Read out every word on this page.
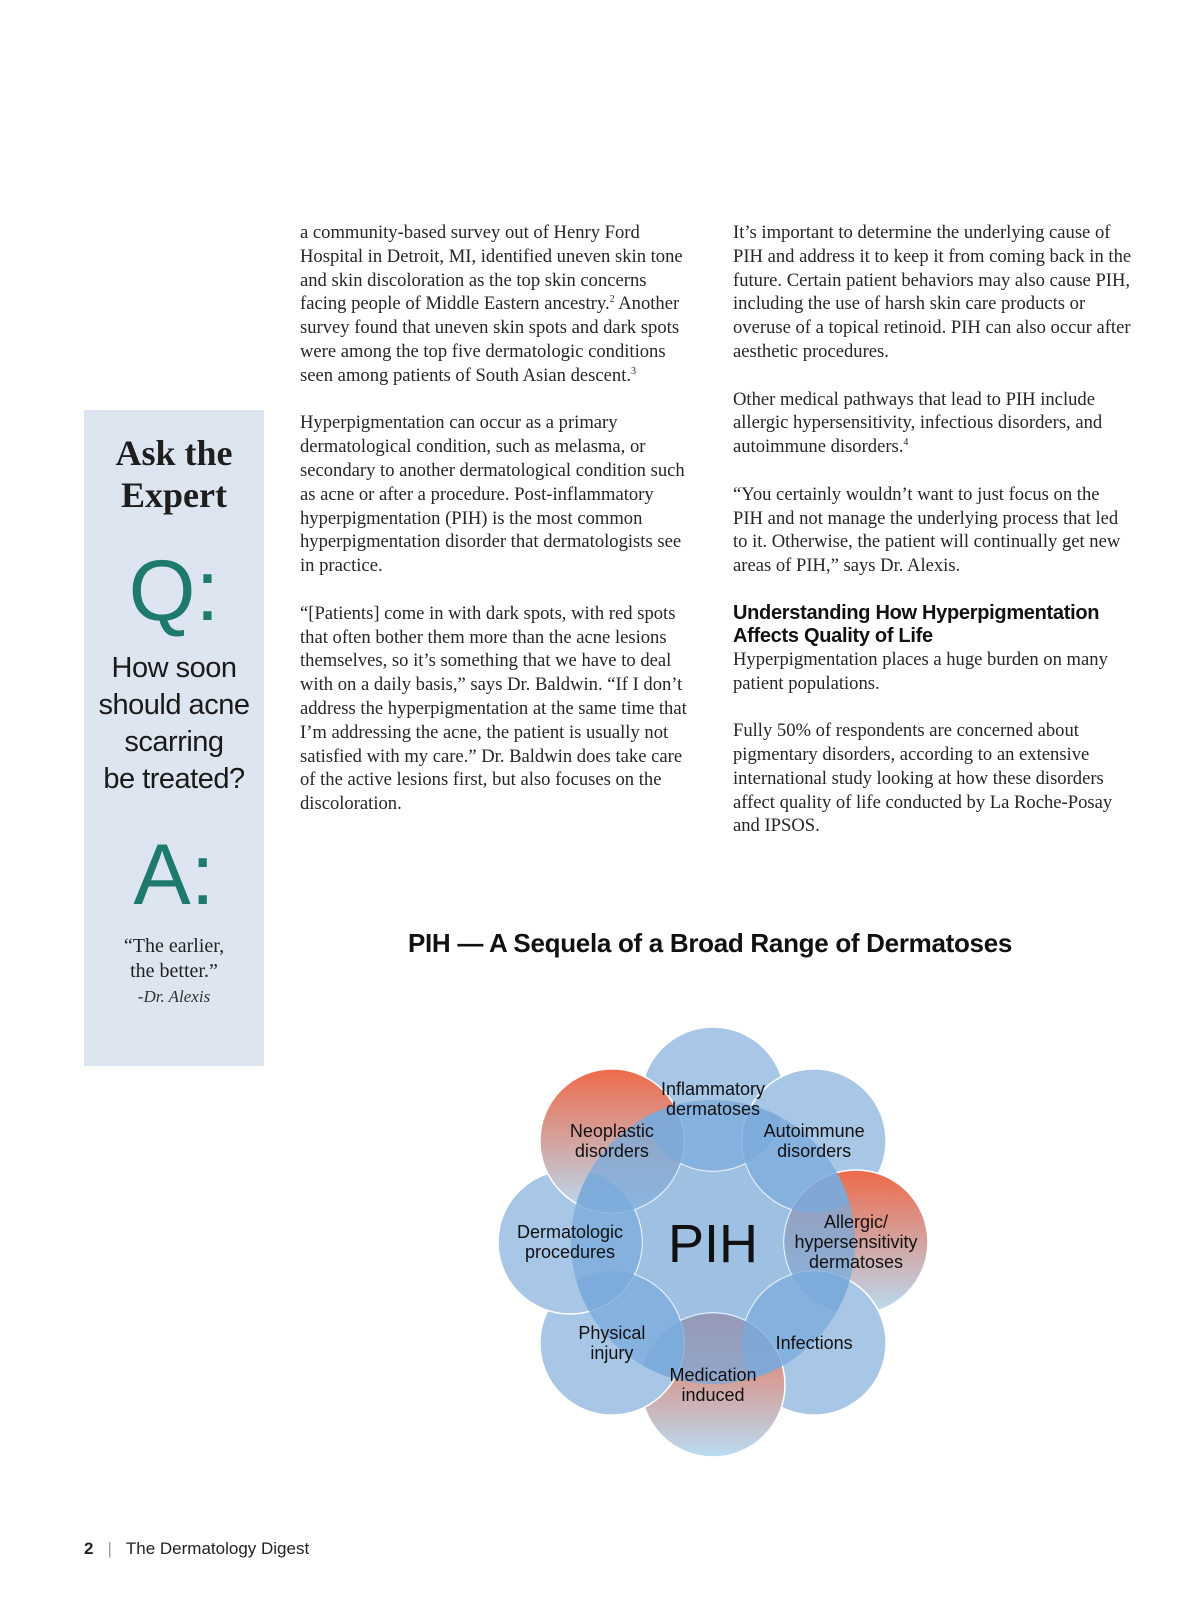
a community-based survey out of Henry Ford Hospital in Detroit, MI, identified uneven skin tone and skin discoloration as the top skin concerns facing people of Middle Eastern ancestry.$^2$ Another survey found that uneven skin spots and dark spots were among the top five dermatologic conditions seen among patients of South Asian descent.$^3$

Hyperpigmentation can occur as a primary dermatological condition, such as melasma, or secondary to another dermatological condition such as acne or after a procedure. Post-inflammatory hyperpigmentation (PIH) is the most common hyperpigmentation disorder that dermatologists see in practice.

“[Patients] come in with dark spots, with red spots that often bother them more than the acne lesions themselves, so it’s something that we have to deal with on a daily basis,” says Dr. Baldwin. “If I don’t address the hyperpigmentation at the same time that I’m addressing the acne, the patient is usually not satisfied with my care.” Dr. Baldwin does take care of the active lesions first, but also focuses on the discoloration.

It’s important to determine the underlying cause of PIH and address it to keep it from coming back in the future. Certain patient behaviors may also cause PIH, including the use of harsh skin care products or overuse of a topical retinoid. PIH can also occur after aesthetic procedures.

Other medical pathways that lead to PIH include allergic hypersensitivity, infectious disorders, and autoimmune disorders.$^4$

“You certainly wouldn’t want to just focus on the PIH and not manage the underlying process that led to it. Otherwise, the patient will continually get new areas of PIH,” says Dr. Alexis.

Understanding How Hyperpigmentation Affects Quality of Life

Hyperpigmentation places a huge burden on many patient populations.

Fully 50% of respondents are concerned about pigmentary disorders, according to an extensive international study looking at how these disorders affect quality of life conducted by La Roche-Posay and IPSOS.

Ask the
Expert
Q:
How soon
should acne
scarring
be treated?
A:
“The earlier,
the better.”
-Dr. Alexis
PIH — A Sequela of a Broad Range of Dermatoses
Inflammatory dermatoses
Autoimmune disorders
Allergic/ hypersensitivity dermatoses
Infections
Medication induced
Physical injury
Dermatologic procedures
Neoplastic disorders
PIH
2 | The Dermatology Digest
